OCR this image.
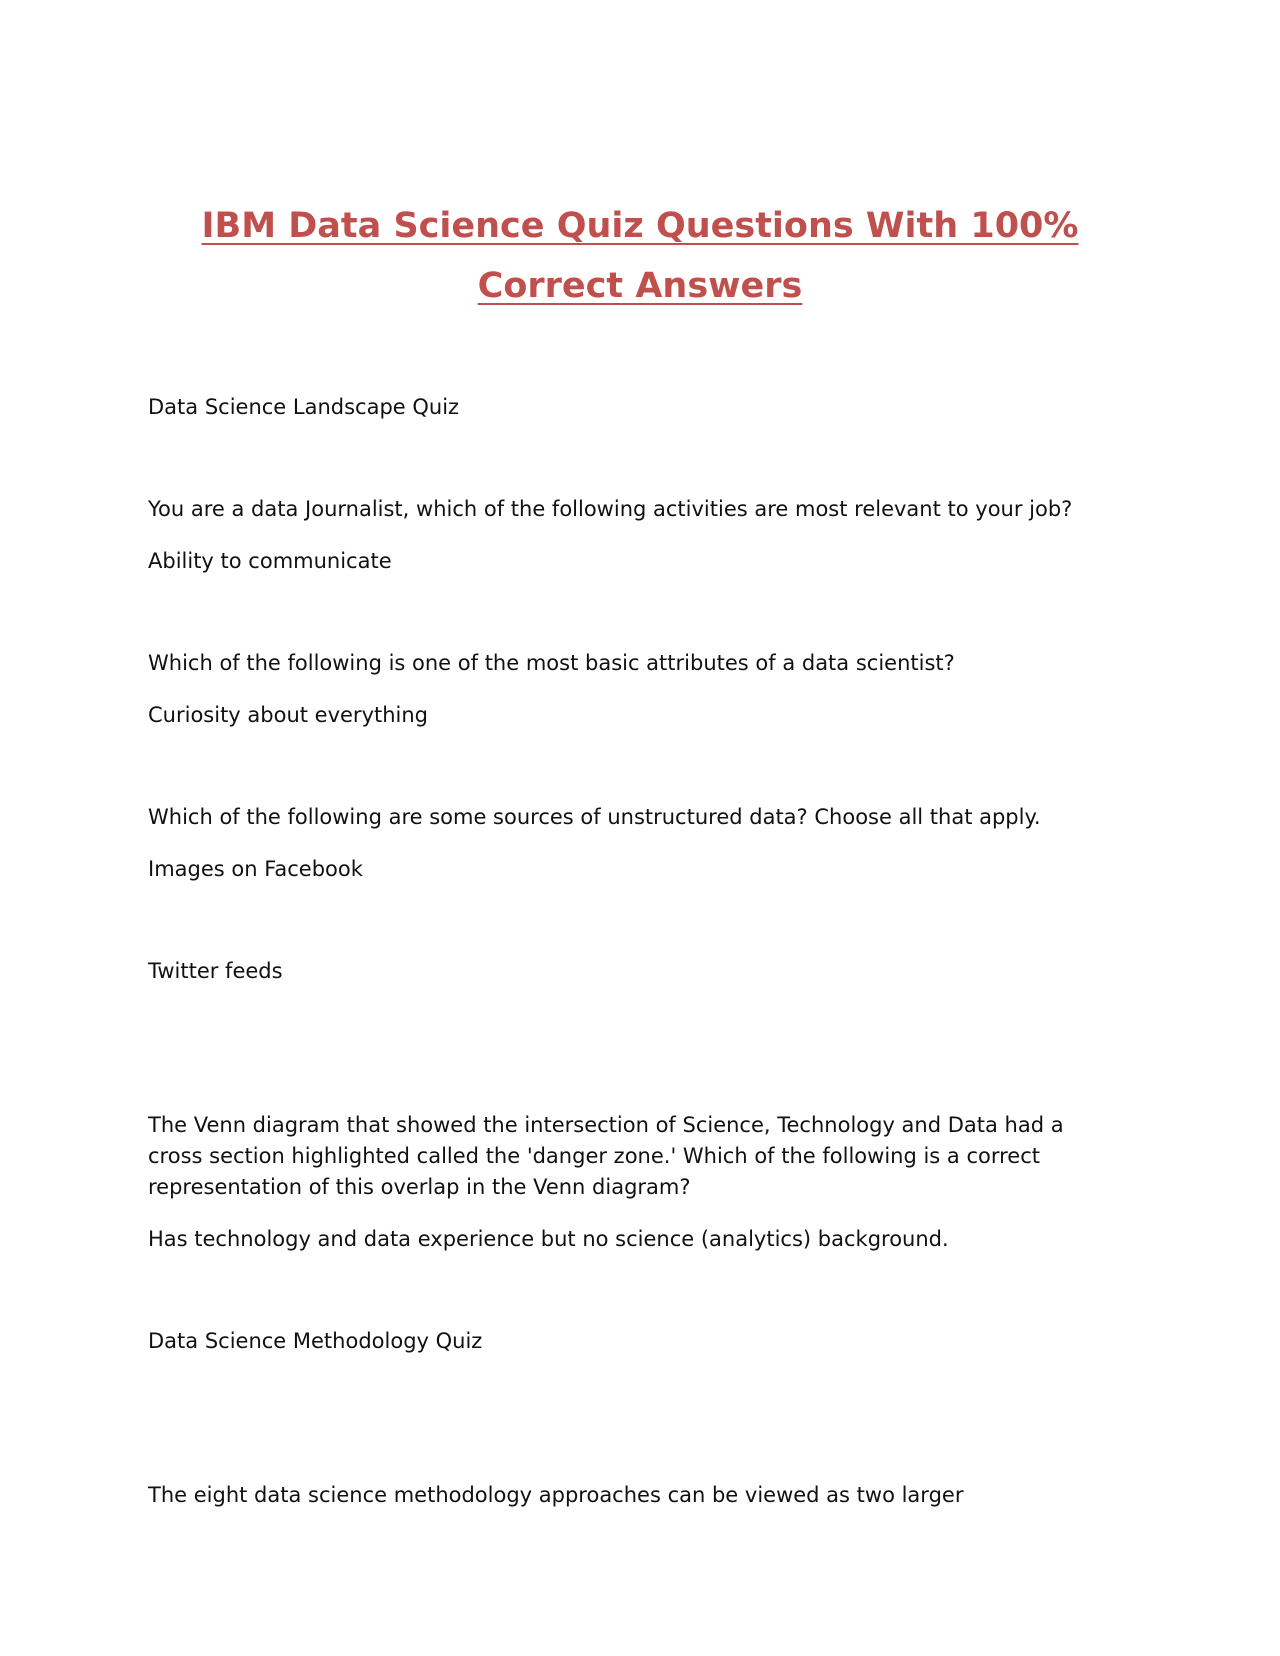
IBM Data Science Quiz Questions With 100%
Correct Answers

Data Science Landscape Quiz

You are a data Journalist, which of the following activities are most relevant to your job?

Ability to communicate

Which of the following is one of the most basic attributes of a data scientist?

Curiosity about everything

Which of the following are some sources of unstructured data? Choose all that apply.

Images on Facebook

Twitter feeds

The Venn diagram that showed the intersection of Science, Technology and Data had a

cross section highlighted called the 'danger zone.' Which of the following is a correct

representation of this overlap in the Venn diagram?

Has technology and data experience but no science (analytics) background.

Data Science Methodology Quiz

The eight data science methodology approaches can be viewed as two larger
